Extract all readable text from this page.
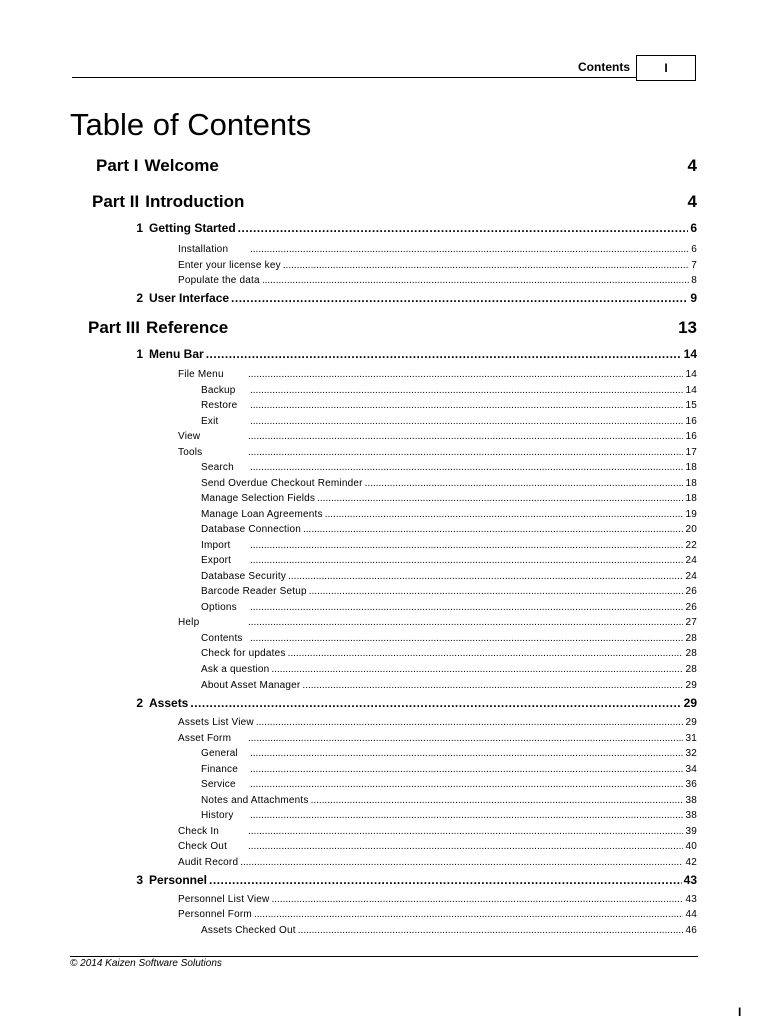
Contents	I
Table of Contents
Part I Welcome	4
Part II Introduction	4
1 Getting Started .....	6
Installation .....	6
Enter your license key .....	7
Populate the data .....	8
2 User Interface .....	9
Part III Reference	13
1 Menu Bar .....	14
File Menu .....	14
Backup .....	14
Restore .....	15
Exit .....	16
View .....	16
Tools .....	17
Search .....	18
Send Overdue Checkout Reminder .....	18
Manage Selection Fields .....	18
Manage Loan Agreements .....	19
Database Connection .....	20
Import .....	22
Export .....	24
Database Security .....	24
Barcode Reader Setup .....	26
Options .....	26
Help .....	27
Contents .....	28
Check for updates .....	28
Ask a question .....	28
About Asset Manager .....	29
2 Assets .....	29
Assets List View .....	29
Asset Form .....	31
General .....	32
Finance .....	34
Service .....	36
Notes and Attachments .....	38
History .....	38
Check In .....	39
Check Out .....	40
Audit Record .....	42
3 Personnel .....	43
Personnel List View .....	43
Personnel Form .....	44
Assets Checked Out .....	46
© 2014 Kaizen Software Solutions
I
